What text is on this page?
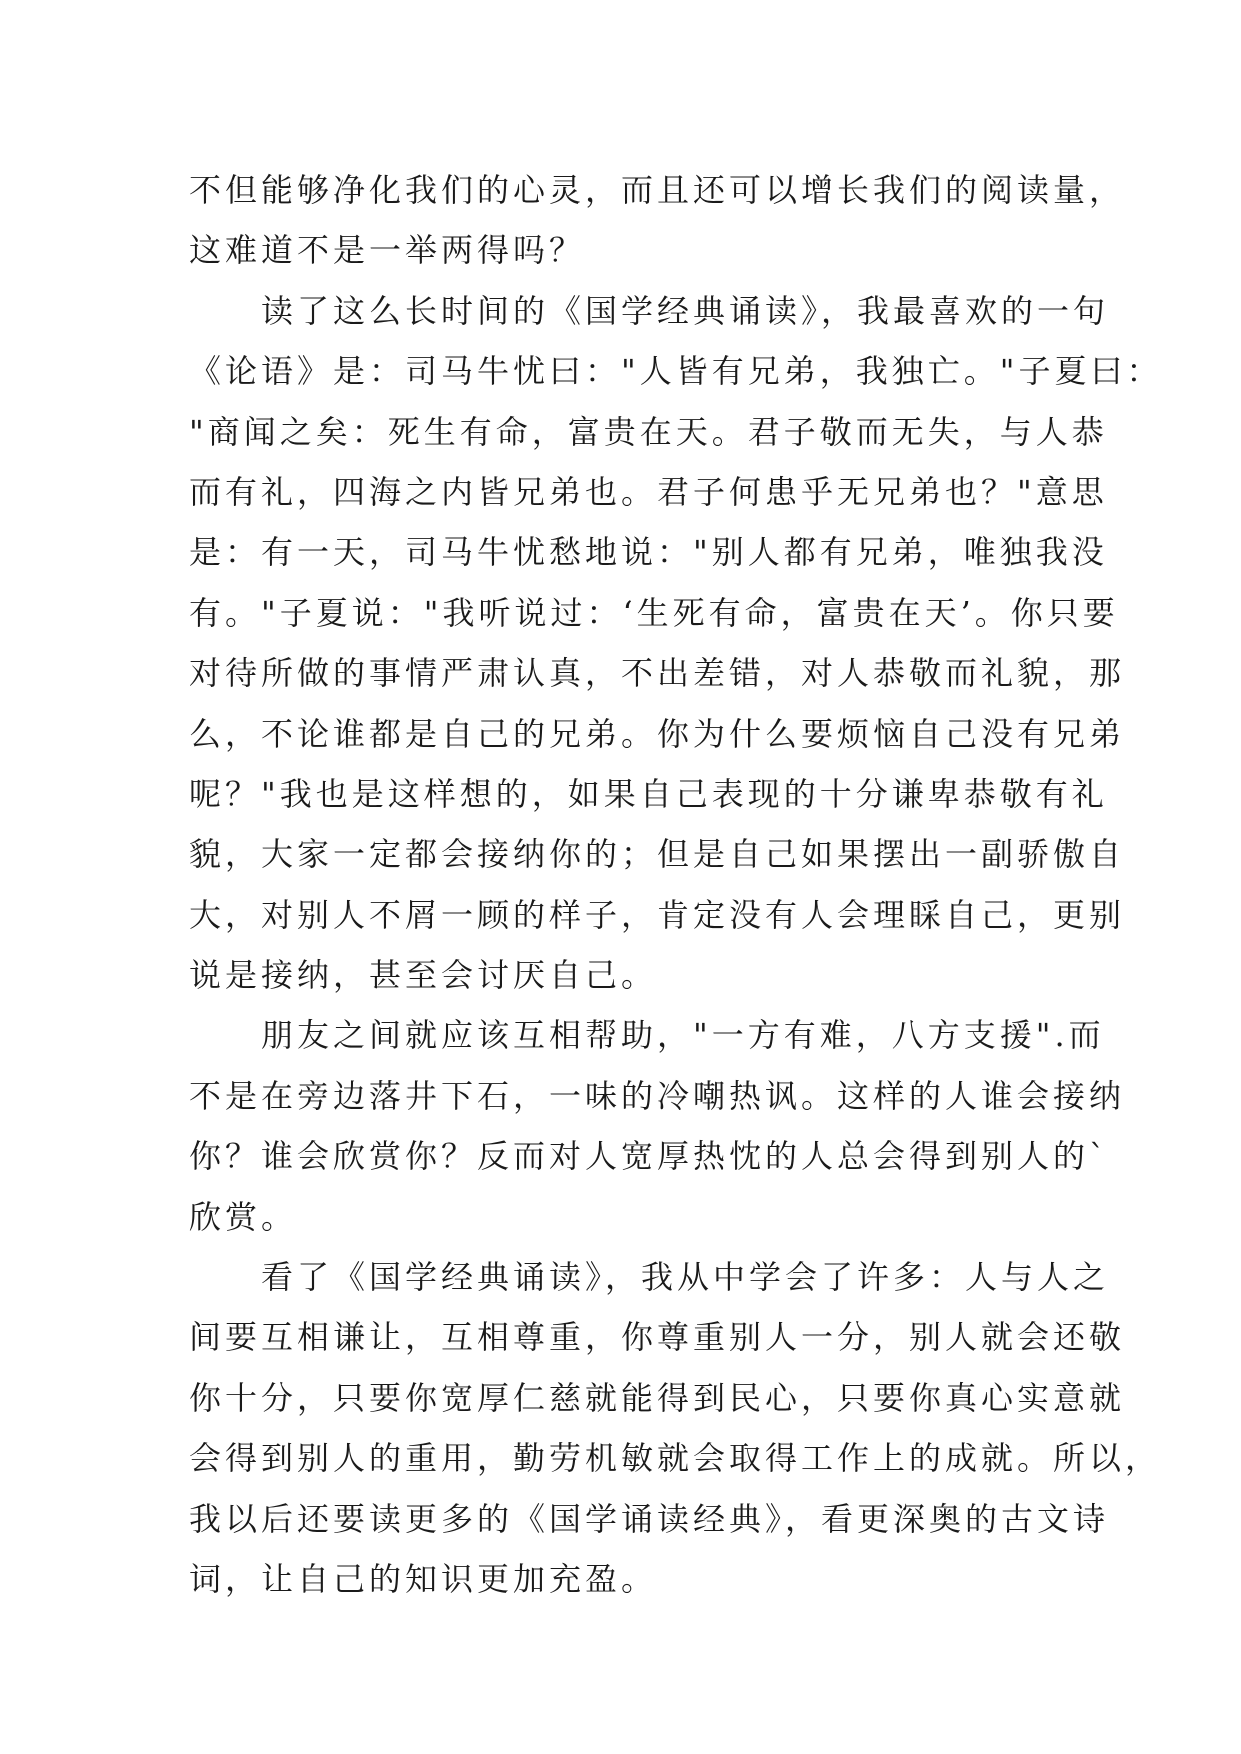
不但能够净化我们的心灵，而且还可以增长我们的阅读量，
这难道不是一举两得吗？
读了这么长时间的《国学经典诵读》，我最喜欢的一句
《论语》是：司马牛忧曰："人皆有兄弟，我独亡。"子夏曰：
"商闻之矣：死生有命，富贵在天。君子敬而无失，与人恭
而有礼，四海之内皆兄弟也。君子何患乎无兄弟也？"意思
是：有一天，司马牛忧愁地说："别人都有兄弟，唯独我没
有。"子夏说："我听说过：‘生死有命，富贵在天’。你只要
对待所做的事情严肃认真，不出差错，对人恭敬而礼貌，那
么，不论谁都是自己的兄弟。你为什么要烦恼自己没有兄弟
呢？"我也是这样想的，如果自己表现的十分谦卑恭敬有礼
貌，大家一定都会接纳你的；但是自己如果摆出一副骄傲自
大，对别人不屑一顾的样子，肯定没有人会理睬自己，更别
说是接纳，甚至会讨厌自己。
朋友之间就应该互相帮助，"一方有难，八方支援".而
不是在旁边落井下石，一味的冷嘲热讽。这样的人谁会接纳
你？谁会欣赏你？反而对人宽厚热忱的人总会得到别人的`
欣赏。
看了《国学经典诵读》，我从中学会了许多：人与人之
间要互相谦让，互相尊重，你尊重别人一分，别人就会还敬
你十分，只要你宽厚仁慈就能得到民心，只要你真心实意就
会得到别人的重用，勤劳机敏就会取得工作上的成就。所以，
我以后还要读更多的《国学诵读经典》，看更深奥的古文诗
词，让自己的知识更加充盈。
